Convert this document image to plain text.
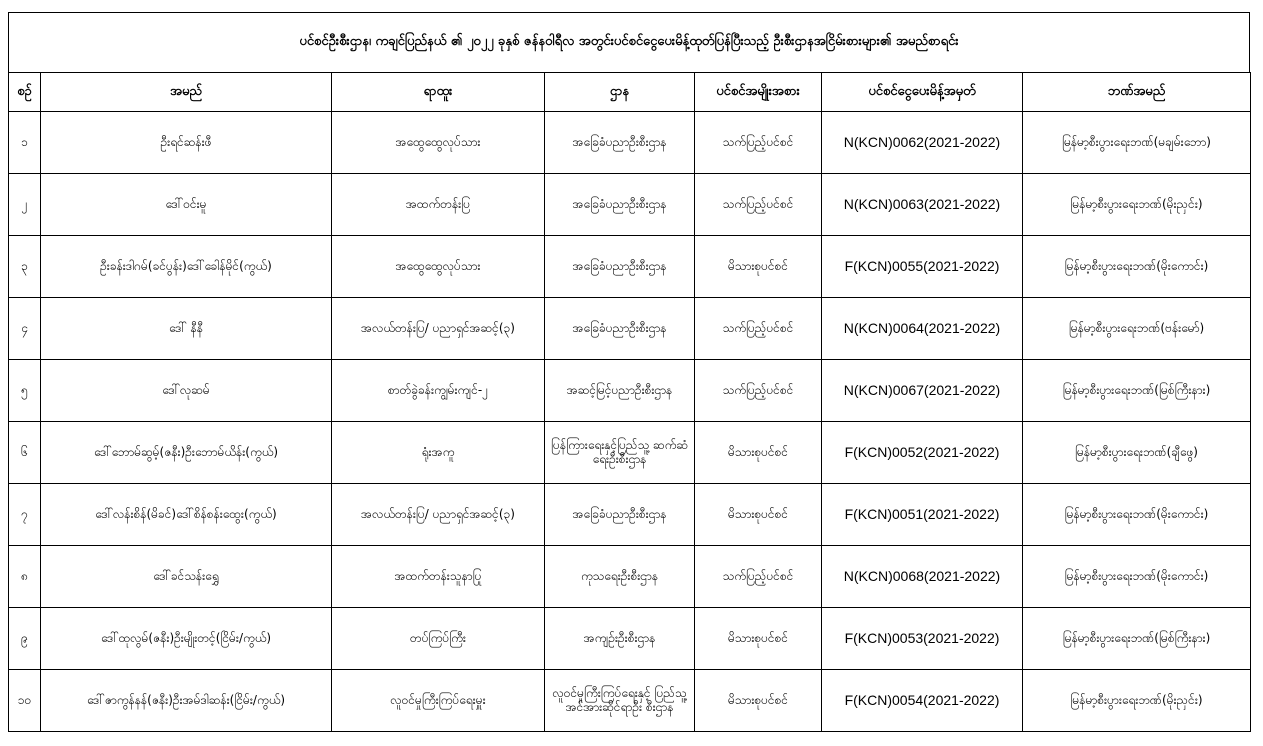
ပင်စင်ဦးစီးဌာန၊ ကချင်ပြည်နယ် ၏ ၂၀၂၂ ခုနှစ် ဇန်နဝါရီလ အတွင်းပင်စင်ငွေပေးမိန့်ထုတ်ပြန်ပြီးသည့် ဦးစီးဌာနအငြိမ်းစားများ၏ အမည်စာရင်း
စဉ်	အမည်	ရာထူး	ဌာန	ပင်စင်အမျိုးအစား	ပင်စင်ငွေပေးမိန့်အမှတ်	ဘဏ်အမည်
၁	ဦးရင်ဆန်းဖီ	အထွေထွေလုပ်သား	အခြေခံပညာဦးစီးဌာန	သက်ပြည့်ပင်စင်	N(KCN)0062(2021-2022)	မြန်မာ့စီးပွားရေးဘဏ်(မချမ်းဘော)
၂	ဒေါ်ဝင်းမူ	အထက်တန်းပြ	အခြေခံပညာဦးစီးဌာန	သက်ပြည့်ပင်စင်	N(KCN)0063(2021-2022)	မြန်မာ့စီးပွားရေးဘဏ်(မိုးညှင်း)
၃	ဦးခန်းဒါဂမ်(ခင်ပွန်း)ဒေါ်ခေါန်မိုင်(ကွယ်)	အထွေထွေလုပ်သား	အခြေခံပညာဦးစီးဌာန	မိသားစုပင်စင်	F(KCN)0055(2021-2022)	မြန်မာ့စီးပွားရေးဘဏ်(မိုးကောင်း)
၄	ဒေါ် နီနီ	အလယ်တန်းပြ/ ပညာရှင်အဆင့်(၃)	အခြေခံပညာဦးစီးဌာန	သက်ပြည့်ပင်စင်	N(KCN)0064(2021-2022)	မြန်မာ့စီးပွားရေးဘဏ်(ဗန်းမော်)
၅	ဒေါ်လုဆမ်	စာတ်ခွဲခန်းကျွမ်းကျင်-၂	အဆင့်မြင့်ပညာဦးစီးဌာန	သက်ပြည့်ပင်စင်	N(KCN)0067(2021-2022)	မြန်မာ့စီးပွားရေးဘဏ်(မြစ်ကြီးနား)
၆	ဒေါ်ဘောမ်ဆွမ့်(ဇနီး)ဦးဘောမ်ယိန်း(ကွယ်)	ရုံးအကူ	ပြန်ကြားရေးနှင့်ပြည်သူ့ ဆက်ဆံရေးဦးစီးဌာန	မိသားစုပင်စင်	F(KCN)0052(2021-2022)	မြန်မာ့စီးပွားရေးဘဏ်(ချီဖွေ)
၇	ဒေါ်လန်းစိန်(မိခင်)ဒေါ်စိန်စန်းထွေး(ကွယ်)	အလယ်တန်းပြ/ ပညာရှင်အဆင့်(၃)	အခြေခံပညာဦးစီးဌာန	မိသားစုပင်စင်	F(KCN)0051(2021-2022)	မြန်မာ့စီးပွားရေးဘဏ်(မိုးကောင်း)
၈	ဒေါ်ခင်သန်းရွှေ	အထက်တန်းသူနာပြု	ကုသရေးဦးစီးဌာန	သက်ပြည့်ပင်စင်	N(KCN)0068(2021-2022)	မြန်မာ့စီးပွားရေးဘဏ်(မိုးကောင်း)
၉	ဒေါ်ထုလွမ်(ဇနီး)ဦးမျိုးတင့်(ငြိမ်း/ကွယ်)	တပ်ကြပ်ကြီး	အကျဉ်းဦးစီးဌာန	မိသားစုပင်စင်	F(KCN)0053(2021-2022)	မြန်မာ့စီးပွားရေးဘဏ်(မြစ်ကြီးနား)
၁၀	ဒေါ်ဇာကွန်နန်(ဇနီး)ဦးအမ်ဒါဆန်း(ငြိမ်း/ကွယ်)	လူဝင်မှုကြီးကြပ်ရေးမှူး	လူဝင်မှုကြီးကြပ်ရေးနှင့် ပြည်သူ့အင်အားဆိုင်ရာဦး စီးဌာန	မိသားစုပင်စင်	F(KCN)0054(2021-2022)	မြန်မာ့စီးပွားရေးဘဏ်(မိုးညှင်း)
